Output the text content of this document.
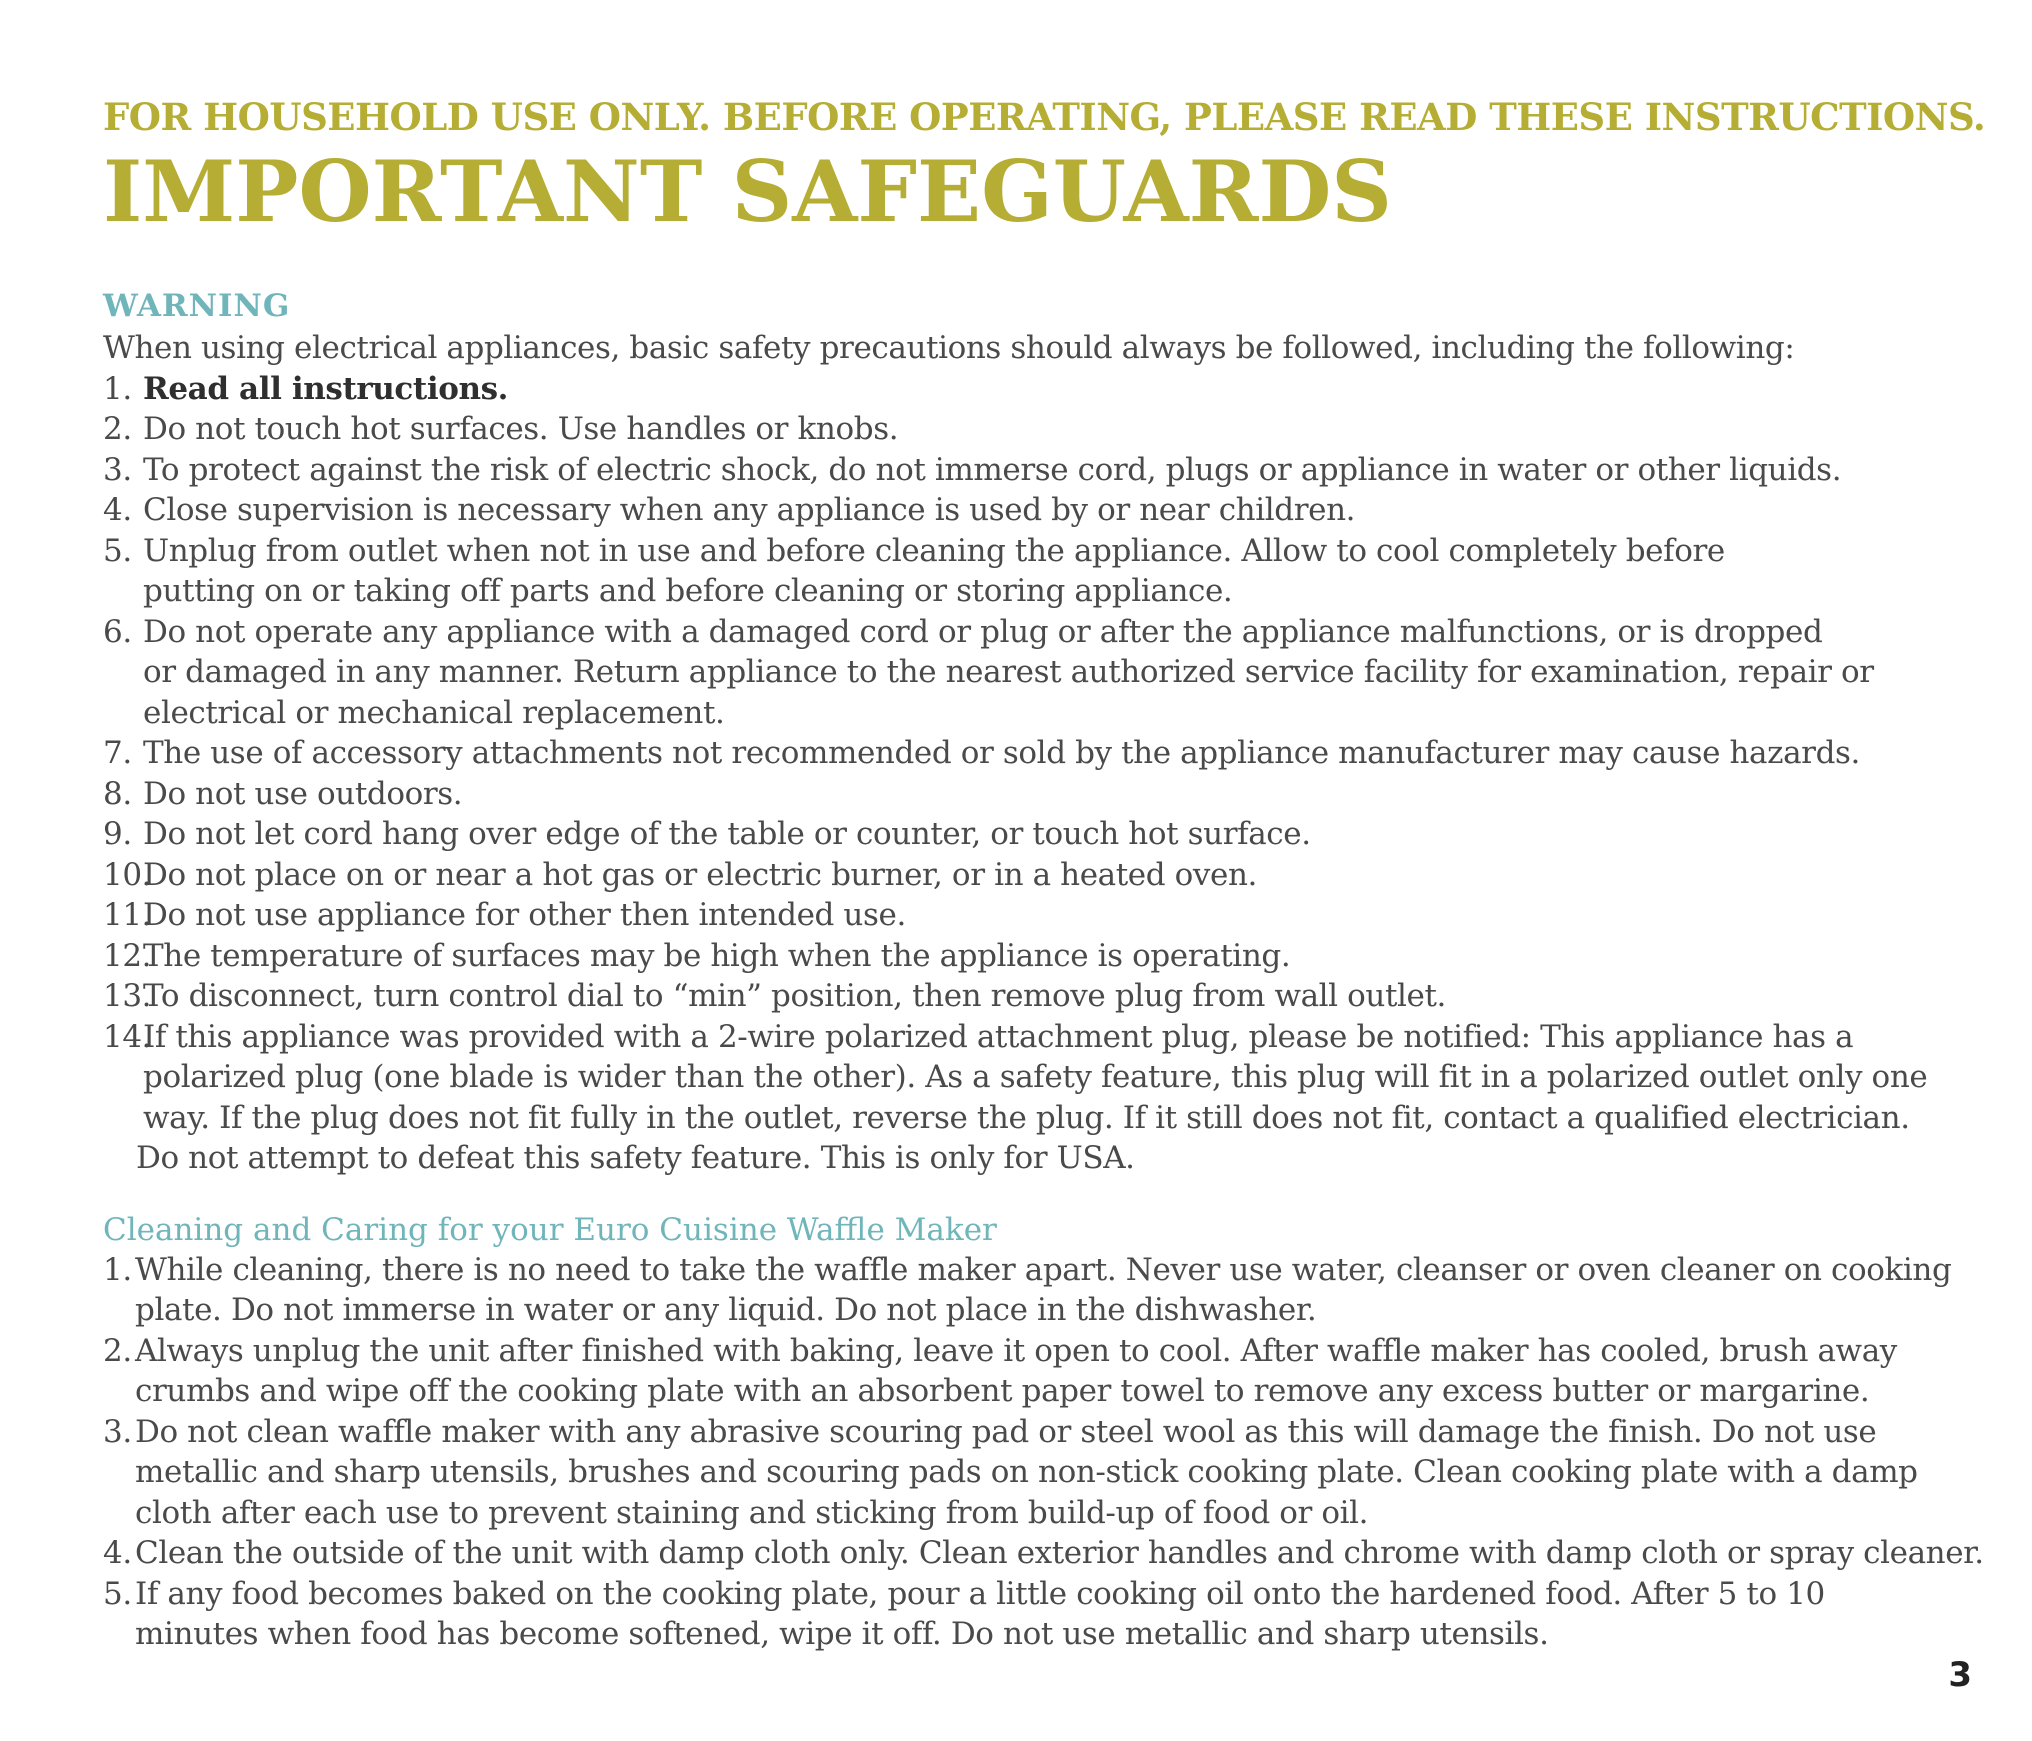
FOR HOUSEHOLD USE ONLY. BEFORE OPERATING, PLEASE READ THESE INSTRUCTIONS.

IMPORTANT SAFEGUARDS
WARNING

When using electrical appliances, basic safety precautions should always be followed, including the following:

1. Read all instructions.
2. Do not touch hot surfaces. Use handles or knobs.
3. To protect against the risk of electric shock, do not immerse cord, plugs or appliance in water or other liquids.
4. Close supervision is necessary when any appliance is used by or near children.
5. Unplug from outlet when not in use and before cleaning the appliance. Allow to cool completely before
putting on or taking off parts and before cleaning or storing appliance.
6. Do not operate any appliance with a damaged cord or plug or after the appliance malfunctions, or is dropped
or damaged in any manner. Return appliance to the nearest authorized service facility for examination, repair or
electrical or mechanical replacement.
7. The use of accessory attachments not recommended or sold by the appliance manufacturer may cause hazards.
8. Do not use outdoors.
9. Do not let cord hang over edge of the table or counter, or touch hot surface.
10.
Do not place on or near a hot gas or electric burner, or in a heated oven.
11.
Do not use appliance for other then intended use.
12.
The temperature of surfaces may be high when the appliance is operating.
13.
To disconnect, turn control dial to “min” position, then remove plug from wall outlet.
14.
If this appliance was provided with a 2-wire polarized attachment plug, please be notified: This appliance has a
polarized plug (one blade is wider than the other). As a safety feature, this plug will fit in a polarized outlet only one
way. If the plug does not fit fully in the outlet, reverse the plug. If it still does not fit, contact a qualified electrician.
Do not attempt to defeat this safety feature. This is only for USA.
Cleaning and Caring for your Euro Cuisine Waffle Maker
1. While cleaning, there is no need to take the waffle maker apart. Never use water, cleanser or oven cleaner on cooking
plate. Do not immerse in water or any liquid. Do not place in the dishwasher.
2. Always unplug the unit after finished with baking, leave it open to cool. After waffle maker has cooled, brush away
crumbs and wipe off the cooking plate with an absorbent paper towel to remove any excess butter or margarine.
3. Do not clean waffle maker with any abrasive scouring pad or steel wool as this will damage the finish. Do not use
metallic and sharp utensils, brushes and scouring pads on non-stick cooking plate. Clean cooking plate with a damp
cloth after each use to prevent staining and sticking from build-up of food or oil.
4. Clean the outside of the unit with damp cloth only. Clean exterior handles and chrome with damp cloth or spray cleaner.
5. If any food becomes baked on the cooking plate, pour a little cooking oil onto the hardened food. After 5 to 10
minutes when food has become softened, wipe it off. Do not use metallic and sharp utensils.
3
